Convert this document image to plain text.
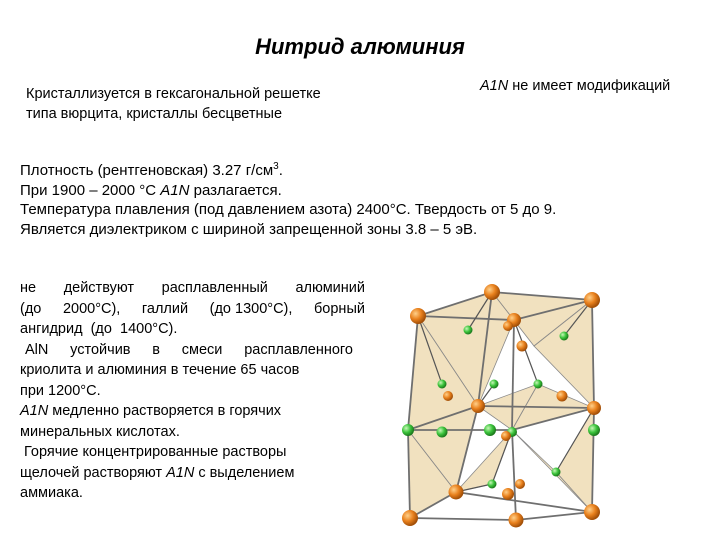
Нитрид алюминия
Кристаллизуется в гексагональной решетке
типа вюрцита, кристаллы бесцветные
A1N не имеет модификаций
Плотность (рентгеновская) 3.27 $г/см^3$.
При 1900 – 2000 °С A1N разлагается.
Температура плавления (под давлением азота) 2400°С. Твердость от 5 до 9.
Является диэлектриком с шириной запрещенной зоны 3.8 – 5 эВ.
не действуют расплавленный алюминий
(до 2000°С), галлий (до 1300°С), борный
ангидрид  (до  1400°С).
AlN устойчив в смеси расплавленного
криолита и алюминия в течение 65 часов
при 1200°С.
A1N медленно растворяется в горячих
минеральных кислотах.
Горячие концентрированные растворы
щелочей растворяют A1N с выделением
аммиака.
